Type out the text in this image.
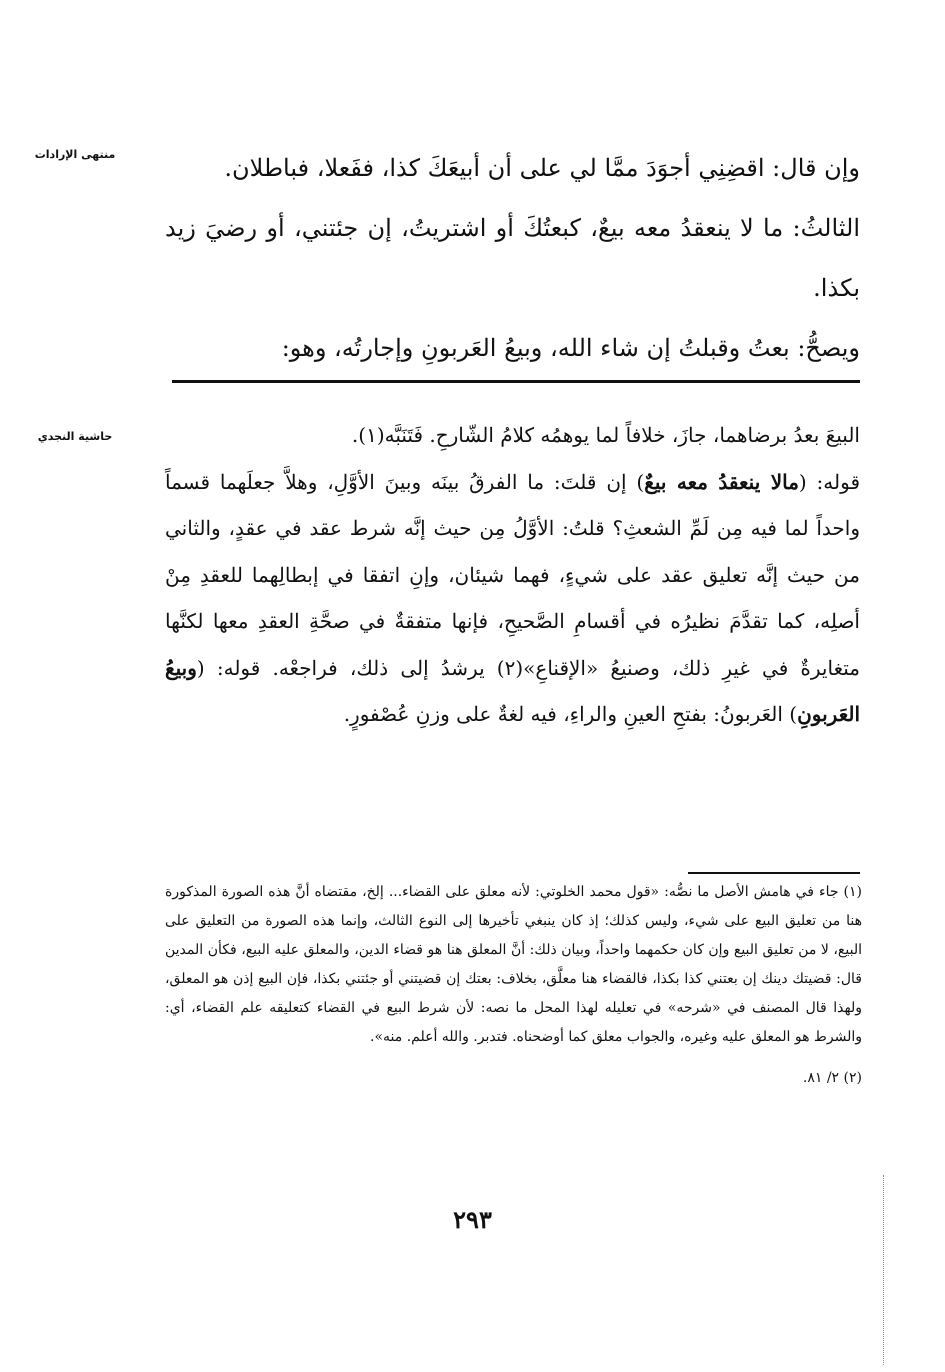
منتهى الإرادات
حاشية النجدي

وإن قال: اقضِنِي أجوَدَ ممَّا لي على أن أبيعَكَ كذا، ففَعلا، فباطلان.

الثالثُ: ما لا ينعقدُ معه بيعٌ، كبعتُكَ أو اشتريتُ، إن جئتني، أو رضيَ زيد بكذا.

ويصحُّ: بعتُ وقبلتُ إن شاء الله، وبيعُ العَربونِ وإجارتُه، وهو:

البيعَ بعدُ برضاهما، جازَ، خلافاً لما يوهمُه كلامُ الشّارحِ. فَتَنَبَّه(١).

قوله: (مالا ينعقدُ معه بيعٌ) إن قلتَ: ما الفرقُ بينَه وبينَ الأوَّلِ، وهلاَّ جعلَهما قسماً واحداً لما فيه مِن لَمِّ الشعثِ؟ قلتُ: الأوَّلُ مِن حيث إنَّه شرط عقد في عقدٍ، والثاني من حيث إنَّه تعليق عقد على شيءٍ، فهما شيئان، وإنِ اتفقا في إبطالِهما للعقدِ مِنْ أصلِه، كما تقدَّمَ نظيرُه في أقسامِ الصَّحيحِ، فإنها متفقةٌ في صحَّةِ العقدِ معها لكنَّها متغايرةٌ في غيرِ ذلك، وصنيعُ «الإقناعِ»(٢) يرشدُ إلى ذلك، فراجعْه. قوله: (وبيعُ العَربونِ) العَربونُ: بفتحِ العينِ والراءِ، فيه لغةٌ على وزنِ عُصْفورٍ.

(١) جاء في هامش الأصل ما نصُّه: «قول محمد الخلوتي: لأنه معلق على القضاء... إلخ، مقتضاه أنَّ هذه الصورة المذكورة هنا من تعليق البيع على شيء، وليس كذلك؛ إذ كان ينبغي تأخيرها إلى النوع الثالث، وإنما هذه الصورة من التعليق على البيع، لا من تعليق البيع وإن كان حكمهما واحداً، وبيان ذلك: أنَّ المعلق هنا هو قضاء الدين، والمعلق عليه البيع، فكأن المدين قال: قضيتك دينك إن بعتني كذا بكذا، فالقضاء هنا معلَّق، بخلاف: بعتك إن قضيتني أو جئتني بكذا، فإن البيع إذن هو المعلق، ولهذا قال المصنف في «شرحه» في تعليله لهذا المحل ما نصه: لأن شرط البيع في القضاء كتعليقه علم القضاء، أي: والشرط هو المعلق عليه وغيره، والجواب معلق كما أوضحناه. فتدبر. والله أعلم. منه».

(٢) ٢/ ٨١.

٢٩٣
